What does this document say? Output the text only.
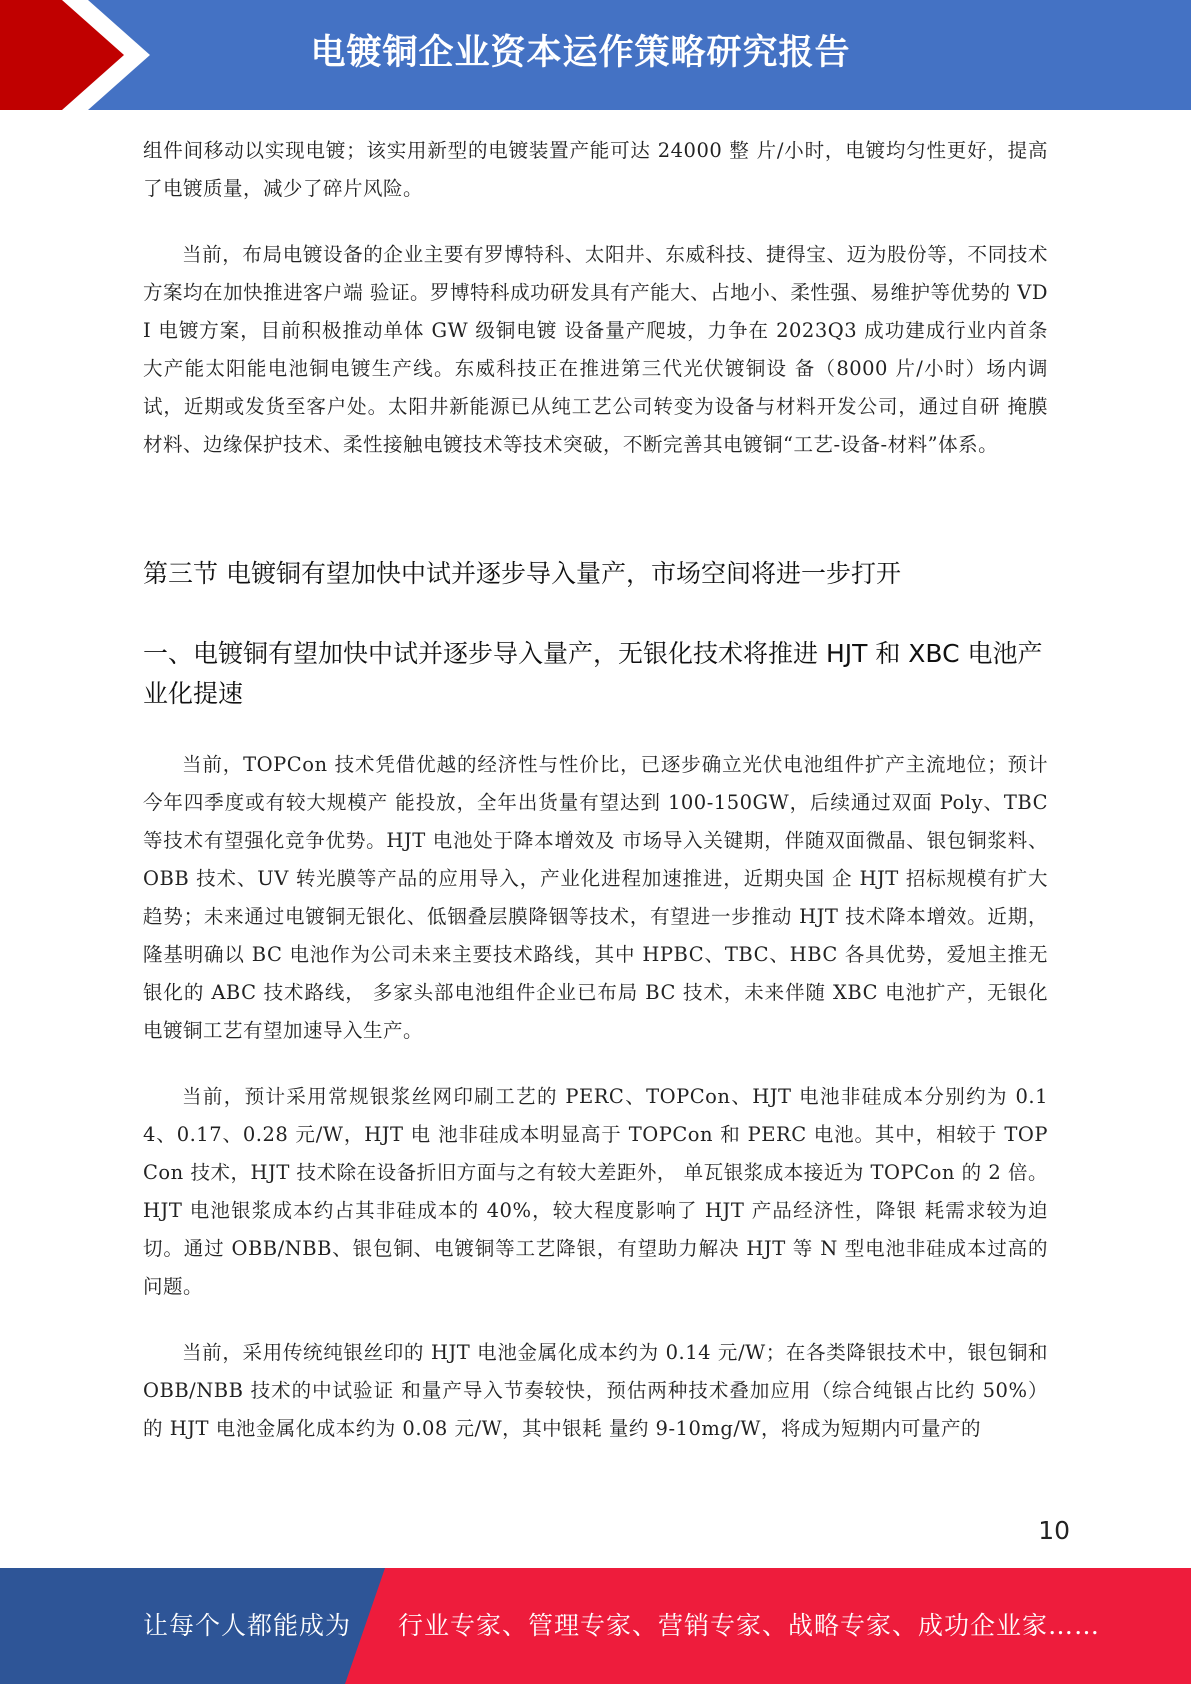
电镀铜企业资本运作策略研究报告

组件间移动以实现电镀；该实用新型的电镀装置产能可达 24000 整 片/小时，电镀均匀性更好，提高了电镀质量，减少了碎片风险。

当前，布局电镀设备的企业主要有罗博特科、太阳井、东威科技、捷得宝、迈为股份等，不同技术方案均在加快推进客户端 验证。罗博特科成功研发具有产能大、占地小、柔性强、易维护等优势的 VDI 电镀方案，目前积极推动单体 GW 级铜电镀 设备量产爬坡，力争在 2023Q3 成功建成行业内首条大产能太阳能电池铜电镀生产线。东威科技正在推进第三代光伏镀铜设 备（8000 片/小时）场内调试，近期或发货至客户处。太阳井新能源已从纯工艺公司转变为设备与材料开发公司，通过自研 掩膜材料、边缘保护技术、柔性接触电镀技术等技术突破，不断完善其电镀铜“工艺-设备-材料”体系。

第三节 电镀铜有望加快中试并逐步导入量产，市场空间将进一步打开
一、电镀铜有望加快中试并逐步导入量产，无银化技术将推进 HJT 和 XBC 电池产业化提速

当前，TOPCon 技术凭借优越的经济性与性价比，已逐步确立光伏电池组件扩产主流地位；预计今年四季度或有较大规模产 能投放，全年出货量有望达到 100-150GW，后续通过双面 Poly、TBC 等技术有望强化竞争优势。HJT 电池处于降本增效及 市场导入关键期，伴随双面微晶、银包铜浆料、OBB 技术、UV 转光膜等产品的应用导入，产业化进程加速推进，近期央国 企 HJT 招标规模有扩大趋势；未来通过电镀铜无银化、低铟叠层膜降铟等技术，有望进一步推动 HJT 技术降本增效。近期， 隆基明确以 BC 电池作为公司未来主要技术路线，其中 HPBC、TBC、HBC 各具优势，爱旭主推无银化的 ABC 技术路线， 多家头部电池组件企业已布局 BC 技术，未来伴随 XBC 电池扩产，无银化电镀铜工艺有望加速导入生产。

当前，预计采用常规银浆丝网印刷工艺的 PERC、TOPCon、HJT 电池非硅成本分别约为 0.14、0.17、0.28 元/W，HJT 电 池非硅成本明显高于 TOPCon 和 PERC 电池。其中，相较于 TOPCon 技术，HJT 技术除在设备折旧方面与之有较大差距外， 单瓦银浆成本接近为 TOPCon 的 2 倍。HJT 电池银浆成本约占其非硅成本的 40%，较大程度影响了 HJT 产品经济性，降银 耗需求较为迫切。通过 OBB/NBB、银包铜、电镀铜等工艺降银，有望助力解决 HJT 等 N 型电池非硅成本过高的问题。

当前，采用传统纯银丝印的 HJT 电池金属化成本约为 0.14 元/W；在各类降银技术中，银包铜和 OBB/NBB 技术的中试验证 和量产导入节奏较快，预估两种技术叠加应用（综合纯银占比约 50%）的 HJT 电池金属化成本约为 0.08 元/W，其中银耗 量约 9-10mg/W，将成为短期内可量产的

10
让每个人都能成为 行业专家、管理专家、营销专家、战略专家、成功企业家……
